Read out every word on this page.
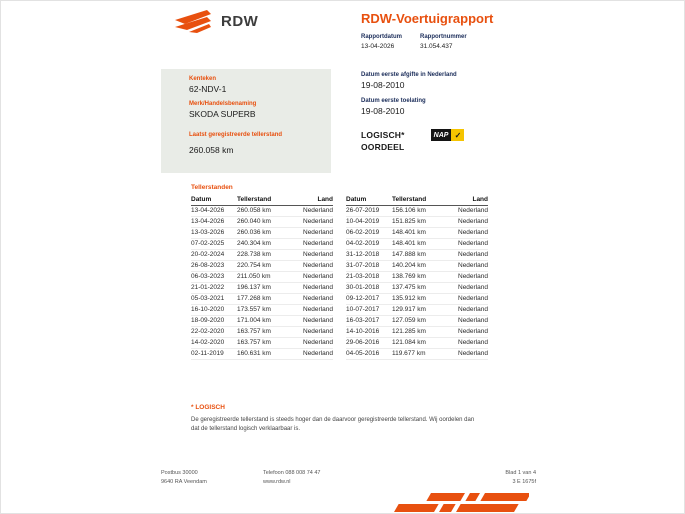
RDW	RDW-Voertuigrapport
Rapportdatum
13-04-2026
Rapportnummer
31.054.437
Kenteken
62-NDV-1
Merk/Handelsbenaming
SKODA SUPERB
Laatst geregistreerde tellerstand
260.058 km
Datum eerste afgifte in Nederland
19-08-2010
Datum eerste toelating
19-08-2010
LOGISCH*
OORDEEL
NAP ✓
Tellerstanden
Datum	Tellerstand	Land
13-04-2026	260.058 km	Nederland
13-04-2026	260.040 km	Nederland
13-03-2026	260.036 km	Nederland
07-02-2025	240.304 km	Nederland
20-02-2024	228.738 km	Nederland
26-08-2023	220.754 km	Nederland
06-03-2023	211.050 km	Nederland
21-01-2022	196.137 km	Nederland
05-03-2021	177.268 km	Nederland
16-10-2020	173.557 km	Nederland
18-09-2020	171.004 km	Nederland
22-02-2020	163.757 km	Nederland
14-02-2020	163.757 km	Nederland
02-11-2019	160.631 km	Nederland
Datum	Tellerstand	Land
26-07-2019	156.106 km	Nederland
10-04-2019	151.825 km	Nederland
06-02-2019	148.401 km	Nederland
04-02-2019	148.401 km	Nederland
31-12-2018	147.888 km	Nederland
31-07-2018	140.204 km	Nederland
21-03-2018	138.769 km	Nederland
30-01-2018	137.475 km	Nederland
09-12-2017	135.912 km	Nederland
10-07-2017	129.917 km	Nederland
16-03-2017	127.059 km	Nederland
14-10-2016	121.285 km	Nederland
29-06-2016	121.084 km	Nederland
04-05-2016	119.677 km	Nederland
* LOGISCH
De geregistreerde tellerstand is steeds hoger dan de daarvoor geregistreerde tellerstand. Wij oordelen dan dat de tellerstand logisch verklaarbaar is.
Postbus 30000
9640 RA Veendam
Telefoon 088 008 74 47
www.rdw.nl
Blad 1 van 4
3 E 1675f
